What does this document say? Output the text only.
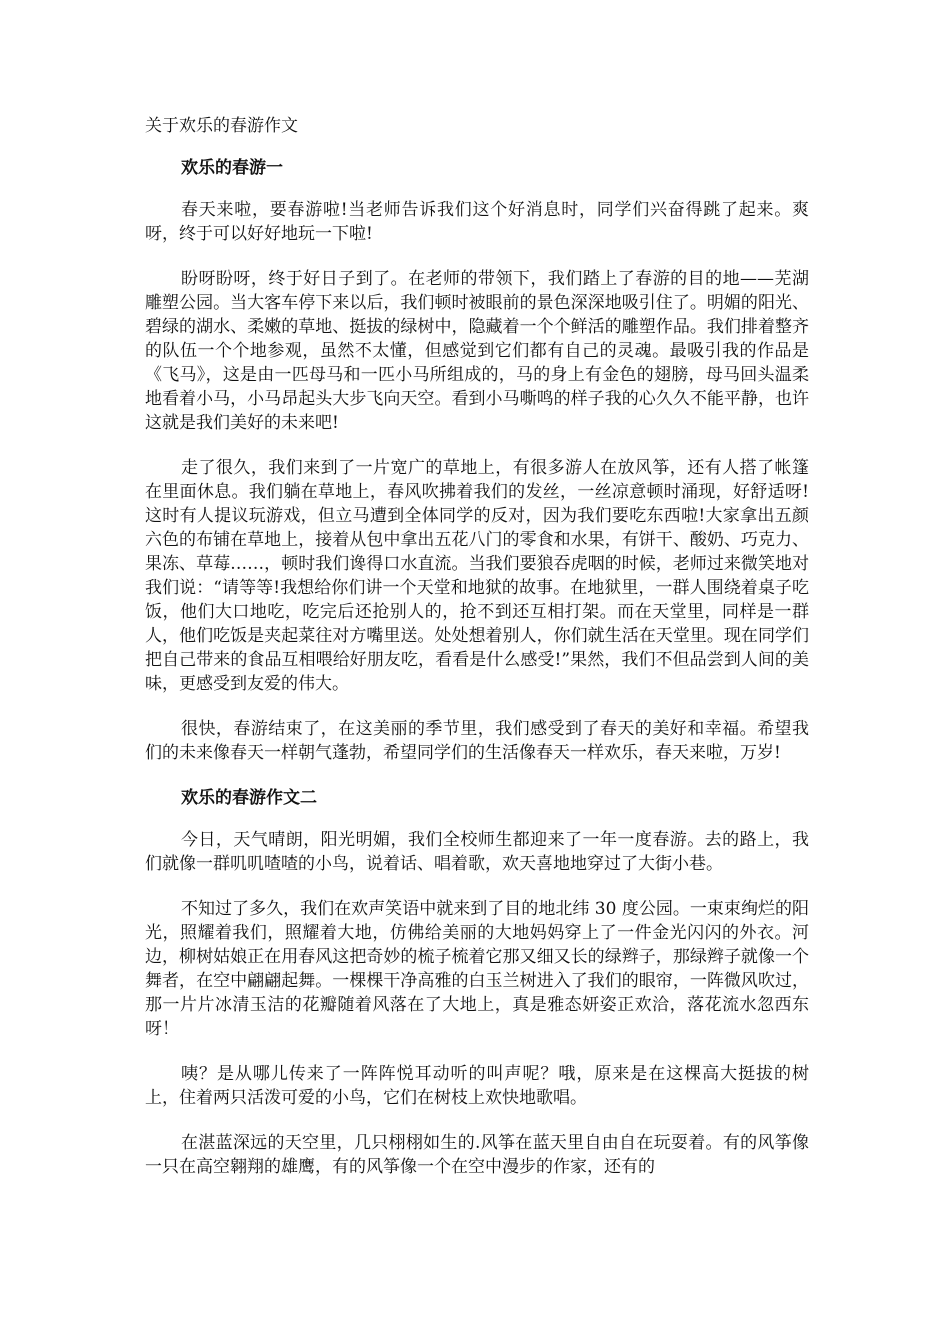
关于欢乐的春游作文
欢乐的春游一

春天来啦，要春游啦!当老师告诉我们这个好消息时，同学们兴奋得跳了起来。爽呀，终于可以好好地玩一下啦!

盼呀盼呀，终于好日子到了。在老师的带领下，我们踏上了春游的目的地——芜湖雕塑公园。当大客车停下来以后，我们顿时被眼前的景色深深地吸引住了。明媚的阳光、碧绿的湖水、柔嫩的草地、挺拔的绿树中，隐藏着一个个鲜活的雕塑作品。我们排着整齐的队伍一个个地参观，虽然不太懂，但感觉到它们都有自己的灵魂。最吸引我的作品是《飞马》，这是由一匹母马和一匹小马所组成的，马的身上有金色的翅膀，母马回头温柔地看着小马，小马昂起头大步飞向天空。看到小马嘶鸣的样子我的心久久不能平静，也许这就是我们美好的未来吧!

走了很久，我们来到了一片宽广的草地上，有很多游人在放风筝，还有人搭了帐篷在里面休息。我们躺在草地上，春风吹拂着我们的发丝，一丝凉意顿时涌现，好舒适呀!这时有人提议玩游戏，但立马遭到全体同学的反对，因为我们要吃东西啦!大家拿出五颜六色的布铺在草地上，接着从包中拿出五花八门的零食和水果，有饼干、酸奶、巧克力、果冻、草莓……，顿时我们谗得口水直流。当我们要狼吞虎咽的时候，老师过来微笑地对我们说：“请等等!我想给你们讲一个天堂和地狱的故事。在地狱里，一群人围绕着桌子吃饭，他们大口地吃，吃完后还抢别人的，抢不到还互相打架。而在天堂里，同样是一群人，他们吃饭是夹起菜往对方嘴里送。处处想着别人，你们就生活在天堂里。现在同学们把自己带来的食品互相喂给好朋友吃，看看是什么感受!”果然，我们不但品尝到人间的美味，更感受到友爱的伟大。

很快，春游结束了，在这美丽的季节里，我们感受到了春天的美好和幸福。希望我们的未来像春天一样朝气蓬勃，希望同学们的生活像春天一样欢乐，春天来啦，万岁!

欢乐的春游作文二

今日，天气晴朗，阳光明媚，我们全校师生都迎来了一年一度春游。去的路上，我们就像一群叽叽喳喳的小鸟，说着话、唱着歌，欢天喜地地穿过了大街小巷。

不知过了多久，我们在欢声笑语中就来到了目的地北纬 30 度公园。一束束绚烂的阳光，照耀着我们，照耀着大地，仿佛给美丽的大地妈妈穿上了一件金光闪闪的外衣。河边，柳树姑娘正在用春风这把奇妙的梳子梳着它那又细又长的绿辫子，那绿辫子就像一个舞者，在空中翩翩起舞。一棵棵干净高雅的白玉兰树进入了我们的眼帘，一阵微风吹过，那一片片冰清玉洁的花瓣随着风落在了大地上，真是雅态妍姿正欢洽，落花流水忽西东呀！

咦？是从哪儿传来了一阵阵悦耳动听的叫声呢？哦，原来是在这棵高大挺拔的树上，住着两只活泼可爱的小鸟，它们在树枝上欢快地歌唱。

在湛蓝深远的天空里，几只栩栩如生的.风筝在蓝天里自由自在玩耍着。有的风筝像一只在高空翱翔的雄鹰，有的风筝像一个在空中漫步的作家，还有的
